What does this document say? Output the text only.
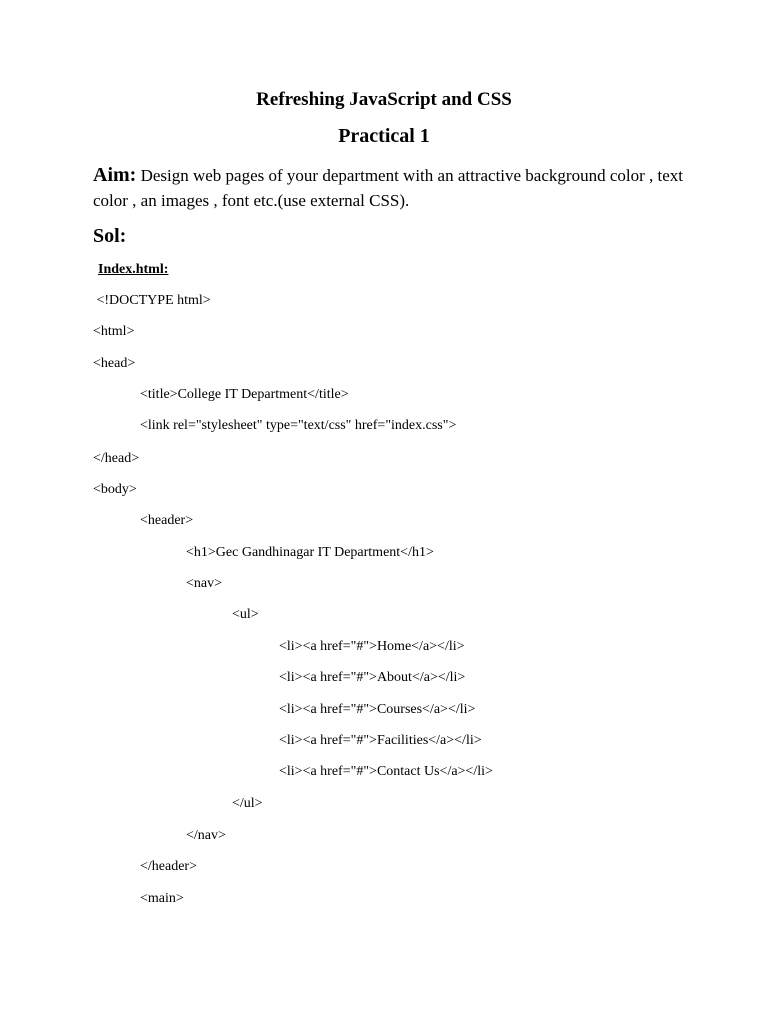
Refreshing JavaScript and CSS
Practical 1

Aim: Design web pages of your department with an attractive background color , text color , an images , font etc.(use external CSS).

Sol:

Index.html:

<!DOCTYPE html>

<html>

<head>

<title>College IT Department</title>

<link rel="stylesheet" type="text/css" href="index.css">

</head>

<body>

<header>

<h1>Gec Gandhinagar IT Department</h1>

<nav>

<ul>

<li><a href="#">Home</a></li>

<li><a href="#">About</a></li>

<li><a href="#">Courses</a></li>

<li><a href="#">Facilities</a></li>

<li><a href="#">Contact Us</a></li>

</ul>

</nav>

</header>

<main>
